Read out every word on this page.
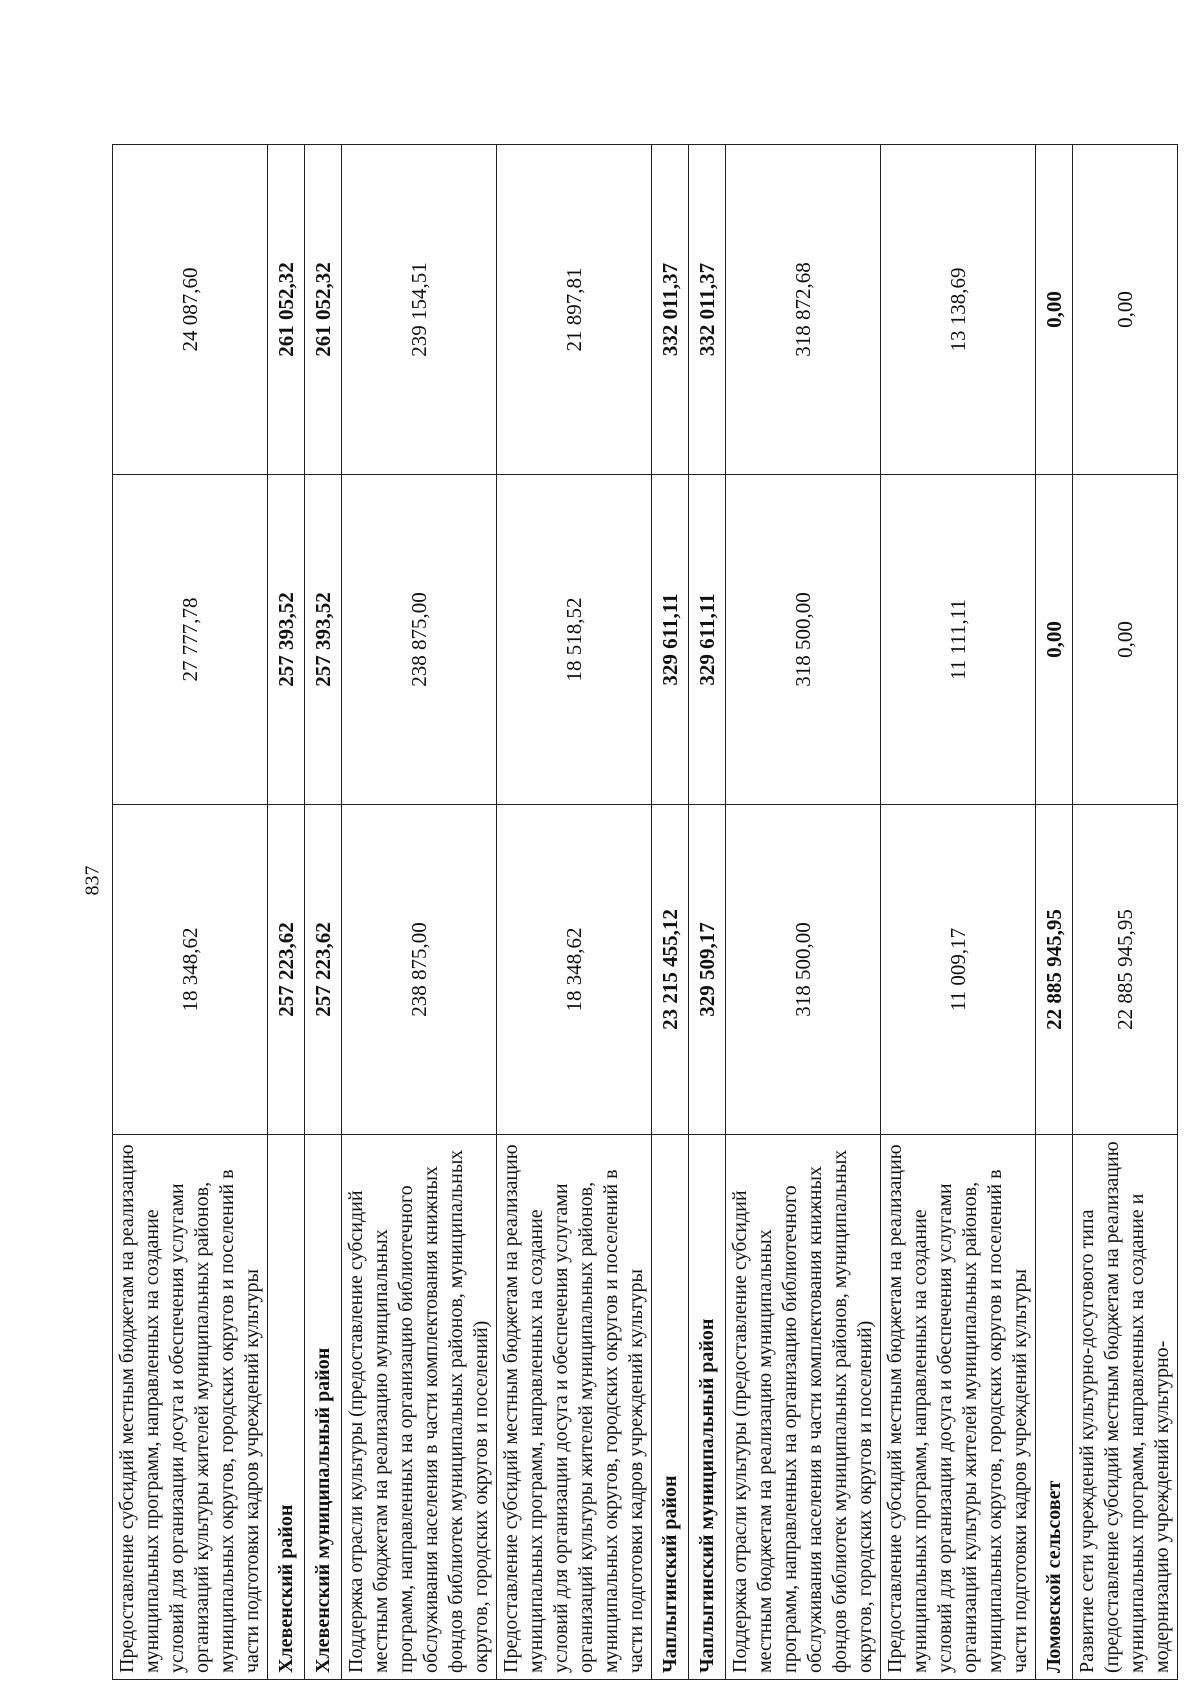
837
Предоставление субсидий местным бюджетам на реализацию муниципальных программ, направленных на создание условий для организации досуга и обеспечения услугами организаций культуры жителей муниципальных районов, муниципальных округов, городских округов и поселений в части подготовки кадров учреждений культуры	18 348,62	27 777,78	24 087,60
Хлевенский район	257 223,62	257 393,52	261 052,32
Хлевенский муниципальный район	257 223,62	257 393,52	261 052,32
Поддержка отрасли культуры (предоставление субсидий местным бюджетам на реализацию муниципальных программ, направленных на организацию библиотечного обслуживания населения в части комплектования книжных фондов библиотек муниципальных районов, муниципальных округов, городских округов и поселений)	238 875,00	238 875,00	239 154,51
Предоставление субсидий местным бюджетам на реализацию муниципальных программ, направленных на создание условий для организации досуга и обеспечения услугами организаций культуры жителей муниципальных районов, муниципальных округов, городских округов и поселений в части подготовки кадров учреждений культуры	18 348,62	18 518,52	21 897,81
Чаплыгинский район	23 215 455,12	329 611,11	332 011,37
Чаплыгинский муниципальный район	329 509,17	329 611,11	332 011,37
Поддержка отрасли культуры (предоставление субсидий местным бюджетам на реализацию муниципальных программ, направленных на организацию библиотечного обслуживания населения в части комплектования книжных фондов библиотек муниципальных районов, муниципальных округов, городских округов и поселений)	318 500,00	318 500,00	318 872,68
Предоставление субсидий местным бюджетам на реализацию муниципальных программ, направленных на создание условий для организации досуга и обеспечения услугами организаций культуры жителей муниципальных районов, муниципальных округов, городских округов и поселений в части подготовки кадров учреждений культуры	11 009,17	11 111,11	13 138,69
Ломовской сельсовет	22 885 945,95	0,00	0,00
Развитие сети учреждений культурно-досугового типа (предоставление субсидий местным бюджетам на реализацию муниципальных программ, направленных на создание и модернизацию учреждений культурно-	22 885 945,95	0,00	0,00
